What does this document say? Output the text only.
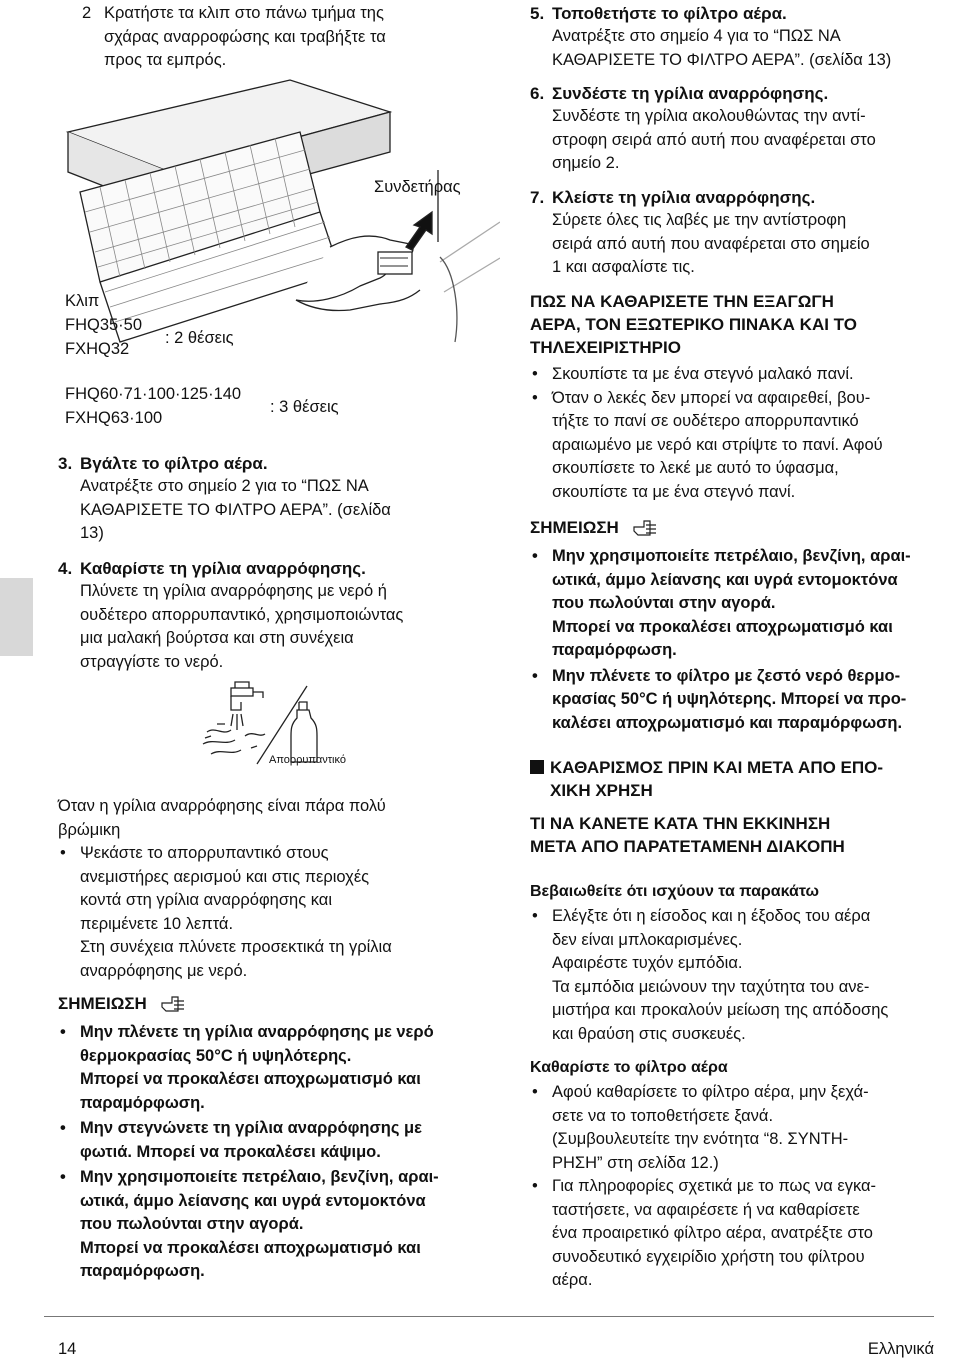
2 Κρατήστε τα κλιπ στο πάνω τμήμα της
σχάρας αναρροφώσης και τραβήξτε τα
προς τα εμπρός.
Συνδετήρας
Κλιπ
FHQ35·50
FXHQ32
: 2 θέσεις
FHQ60·71·100·125·140
FXHQ63·100
: 3 θέσεις
3. Βγάλτε το φίλτρο αέρα.
Ανατρέξτε στο σημείο 2 για το “ΠΩΣ ΝΑ
ΚΑΘΑΡΙΣΕΤΕ ΤΟ ΦΙΛΤΡΟ ΑΕΡΑ”. (σελίδα
13)
4. Καθαρίστε τη γρίλια αναρρόφησης.
Πλύνετε τη γρίλια αναρρόφησης με νερό ή
ουδέτερο απορρυπαντικό, χρησιμοποιώντας
μια μαλακή βούρτσα και στη συνέχεια
στραγγίστε το νερό.
Απορρυπαντικό
Όταν η γρίλια αναρρόφησης είναι πάρα πολύ
βρώμικη
• Ψεκάστε το απορρυπαντικό στους
ανεμιστήρες αερισμού και στις περιοχές
κοντά στη γρίλια αναρρόφησης και
περιμένετε 10 λεπτά.
Στη συνέχεια πλύνετε προσεκτικά τη γρίλια
αναρρόφησης με νερό.
ΣΗΜΕΙΩΣΗ
• Μην πλένετε τη γρίλια αναρρόφησης με νερό
θερμοκρασίας 50°C ή υψηλότερης.
Μπορεί να προκαλέσει αποχρωματισμό και
παραμόρφωση.
• Μην στεγνώνετε τη γρίλια αναρρόφησης με
φωτιά. Μπορεί να προκαλέσει κάψιμο.
• Μην χρησιμοποιείτε πετρέλαιο, βενζίνη, αραι-
ωτικά, άμμο λείανσης και υγρά εντομοκτόνα
που πωλούνται στην αγορά.
Μπορεί να προκαλέσει αποχρωματισμό και
παραμόρφωση.
5. Τοποθετήστε το φίλτρο αέρα.
Ανατρέξτε στο σημείο 4 για το “ΠΩΣ ΝΑ
ΚΑΘΑΡΙΣΕΤΕ ΤΟ ΦΙΛΤΡΟ ΑΕΡΑ”. (σελίδα 13)
6. Συνδέστε τη γρίλια αναρρόφησης.
Συνδέστε τη γρίλια ακολουθώντας την αντί-
στροφη σειρά από αυτή που αναφέρεται στο
σημείο 2.
7. Κλείστε τη γρίλια αναρρόφησης.
Σύρετε όλες τις λαβές με την αντίστροφη
σειρά από αυτή που αναφέρεται στο σημείο
1 και ασφαλίστε τις.
ΠΩΣ ΝΑ ΚΑΘΑΡΙΣΕΤΕ ΤΗΝ ΕΞΑΓΩΓΗ
ΑΕΡΑ, ΤΟΝ ΕΞΩΤΕΡΙΚΟ ΠΙΝΑΚΑ ΚΑΙ ΤΟ
ΤΗΛΕΧΕΙΡΙΣΤΗΡΙΟ
• Σκουπίστε τα με ένα στεγνό μαλακό πανί.
• Όταν ο λεκές δεν μπορεί να αφαιρεθεί, βου-
τήξτε το πανί σε ουδέτερο απορρυπαντικό
αραιωμένο με νερό και στρίψτε το πανί. Αφού
σκουπίσετε το λεκέ με αυτό το ύφασμα,
σκουπίστε τα με ένα στεγνό πανί.
ΣΗΜΕΙΩΣΗ
• Μην χρησιμοποιείτε πετρέλαιο, βενζίνη, αραι-
ωτικά, άμμο λείανσης και υγρά εντομοκτόνα
που πωλούνται στην αγορά.
Μπορεί να προκαλέσει αποχρωματισμό και
παραμόρφωση.
• Μην πλένετε το φίλτρο με ζεστό νερό θερμο-
κρασίας 50°C ή υψηλότερης. Μπορεί να προ-
καλέσει αποχρωματισμό και παραμόρφωση.
ΚΑΘΑΡΙΣΜΟΣ ΠΡΙΝ ΚΑΙ ΜΕΤΑ ΑΠΟ ΕΠΟ-
ΧΙΚΗ ΧΡΗΣΗ
ΤΙ ΝΑ ΚΑΝΕΤΕ ΚΑΤΑ ΤΗΝ ΕΚΚΙΝΗΣΗ
ΜΕΤΑ ΑΠΟ ΠΑΡΑΤΕΤΑΜΕΝΗ ΔΙΑΚΟΠΗ
Βεβαιωθείτε ότι ισχύουν τα παρακάτω
• Ελέγξτε ότι η είσοδος και η έξοδος του αέρα
δεν είναι μπλοκαρισμένες.
Αφαιρέστε τυχόν εμπόδια.
Τα εμπόδια μειώνουν την ταχύτητα του ανε-
μιστήρα και προκαλούν μείωση της απόδοσης
και θραύση στις συσκευές.
Καθαρίστε το φίλτρο αέρα
• Αφού καθαρίσετε το φίλτρο αέρα, μην ξεχά-
σετε να το τοποθετήσετε ξανά.
(Συμβουλευτείτε την ενότητα “8. ΣΥΝΤΗ-
ΡΗΣΗ” στη σελίδα 12.)
• Για πληροφορίες σχετικά με το πως να εγκα-
ταστήσετε, να αφαιρέσετε ή να καθαρίσετε
ένα προαιρετικό φίλτρο αέρα, ανατρέξτε στο
συνοδευτικό εγχειρίδιο χρήστη του φίλτρου
αέρα.
14	Ελληνικά
